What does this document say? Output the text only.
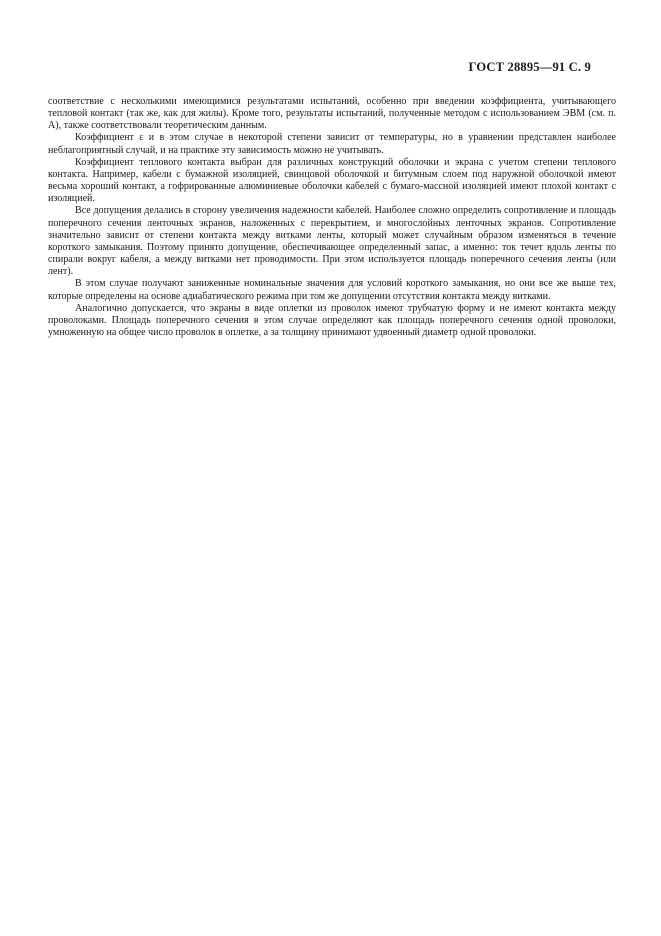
ГОСТ 28895—91 С. 9

соответствие с несколькими имеющимися результатами испытаний, особенно при введении коэффициента, учитывающего тепловой контакт (так же, как для жилы). Кроме того, результаты испытаний, полученные методом с использованием ЭВМ (см. п. А), также соответствовали теоретическим данным.

Коэффициент ε и в этом случае в некоторой степени зависит от температуры, но в уравнении представлен наиболее неблагоприятный случай, и на практике эту зависимость можно не учитывать.

Коэффициент теплового контакта выбран для различных конструкций оболочки и экрана с учетом степени теплового контакта. Например, кабели с бумажной изоляцией, свинцовой оболочкой и битумным слоем под наружной оболочкой имеют весьма хороший контакт, а гофрированные алюминиевые оболочки кабелей с бумаго-массной изоляцией имеют плохой контакт с изоляцией.

Все допущения делались в сторону увеличения надежности кабелей. Наиболее сложно определить сопротивление и площадь поперечного сечения ленточных экранов, наложенных с перекрытием, и многослойных ленточных экранов. Сопротивление значительно зависит от степени контакта между витками ленты, который может случайным образом изменяться в течение короткого замыкания. Поэтому принято допущение, обеспечивающее определенный запас, а именно: ток течет вдоль ленты по спирали вокруг кабеля, а между витками нет проводимости. При этом используется площадь поперечного сечения ленты (или лент).

В этом случае получают заниженные номинальные значения для условий короткого замыкания, но они все же выше тех, которые определены на основе адиабатического режима при том же допущении отсутствия контакта между витками.

Аналогично допускается, что экраны в виде оплетки из проволок имеют трубчатую форму и не имеют контакта между проволоками. Площадь поперечного сечения в этом случае определяют как площадь поперечного сечения одной проволоки, умноженную на общее число проволок в оплетке, а за толщину принимают удвоенный диаметр одной проволоки.
